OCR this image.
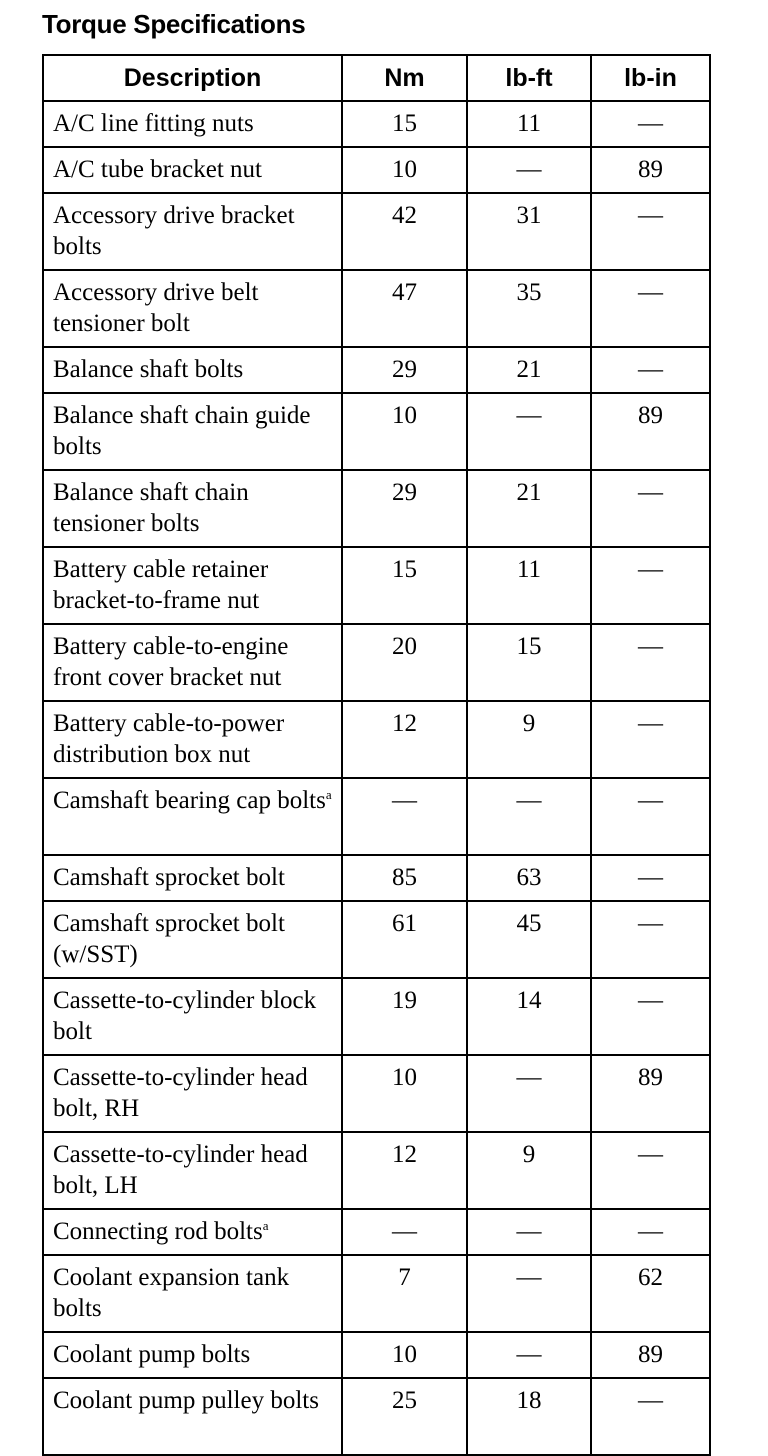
Torque Specifications
Description	Nm	lb-ft	lb-in
A/C line fitting nuts	15	11	—
A/C tube bracket nut	10	—	89
Accessory drive bracket bolts	42	31	—
Accessory drive belt tensioner bolt	47	35	—
Balance shaft bolts	29	21	—
Balance shaft chain guide bolts	10	—	89
Balance shaft chain tensioner bolts	29	21	—
Battery cable retainer bracket-to-frame nut	15	11	—
Battery cable-to-engine front cover bracket nut	20	15	—
Battery cable-to-power distribution box nut	12	9	—
Camshaft bearing cap bolts$^a$	—	—	—
Camshaft sprocket bolt	85	63	—
Camshaft sprocket bolt (w/SST)	61	45	—
Cassette-to-cylinder block bolt	19	14	—
Cassette-to-cylinder head bolt, RH	10	—	89
Cassette-to-cylinder head bolt, LH	12	9	—
Connecting rod bolts$^a$	—	—	—
Coolant expansion tank bolts	7	—	62
Coolant pump bolts	10	—	89
Coolant pump pulley bolts	25	18	—
